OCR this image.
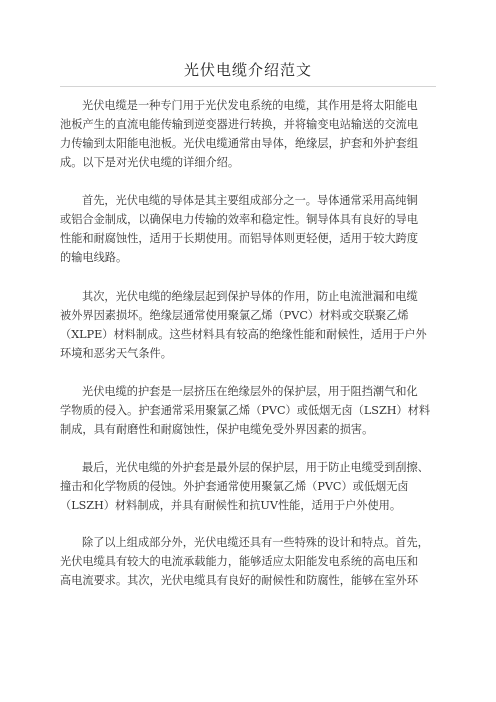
光伏电缆介绍范文

光伏电缆是一种专门用于光伏发电系统的电缆，其作用是将太阳能电
池板产生的直流电能传输到逆变器进行转换，并将输变电站输送的交流电
力传输到太阳能电池板。光伏电缆通常由导体，绝缘层，护套和外护套组
成。以下是对光伏电缆的详细介绍。

首先，光伏电缆的导体是其主要组成部分之一。导体通常采用高纯铜
或铝合金制成，以确保电力传输的效率和稳定性。铜导体具有良好的导电
性能和耐腐蚀性，适用于长期使用。而铝导体则更轻便，适用于较大跨度
的输电线路。

其次，光伏电缆的绝缘层起到保护导体的作用，防止电流泄漏和电缆
被外界因素损坏。绝缘层通常使用聚氯乙烯（PVC）材料或交联聚乙烯
（XLPE）材料制成。这些材料具有较高的绝缘性能和耐候性，适用于户外
环境和恶劣天气条件。

光伏电缆的护套是一层挤压在绝缘层外的保护层，用于阻挡潮气和化
学物质的侵入。护套通常采用聚氯乙烯（PVC）或低烟无卤（LSZH）材料
制成，具有耐磨性和耐腐蚀性，保护电缆免受外界因素的损害。

最后，光伏电缆的外护套是最外层的保护层，用于防止电缆受到刮擦、
撞击和化学物质的侵蚀。外护套通常使用聚氯乙烯（PVC）或低烟无卤
（LSZH）材料制成，并具有耐候性和抗UV性能，适用于户外使用。

除了以上组成部分外，光伏电缆还具有一些特殊的设计和特点。首先，
光伏电缆具有较大的电流承载能力，能够适应太阳能发电系统的高电压和
高电流要求。其次，光伏电缆具有良好的耐候性和防腐性，能够在室外环
